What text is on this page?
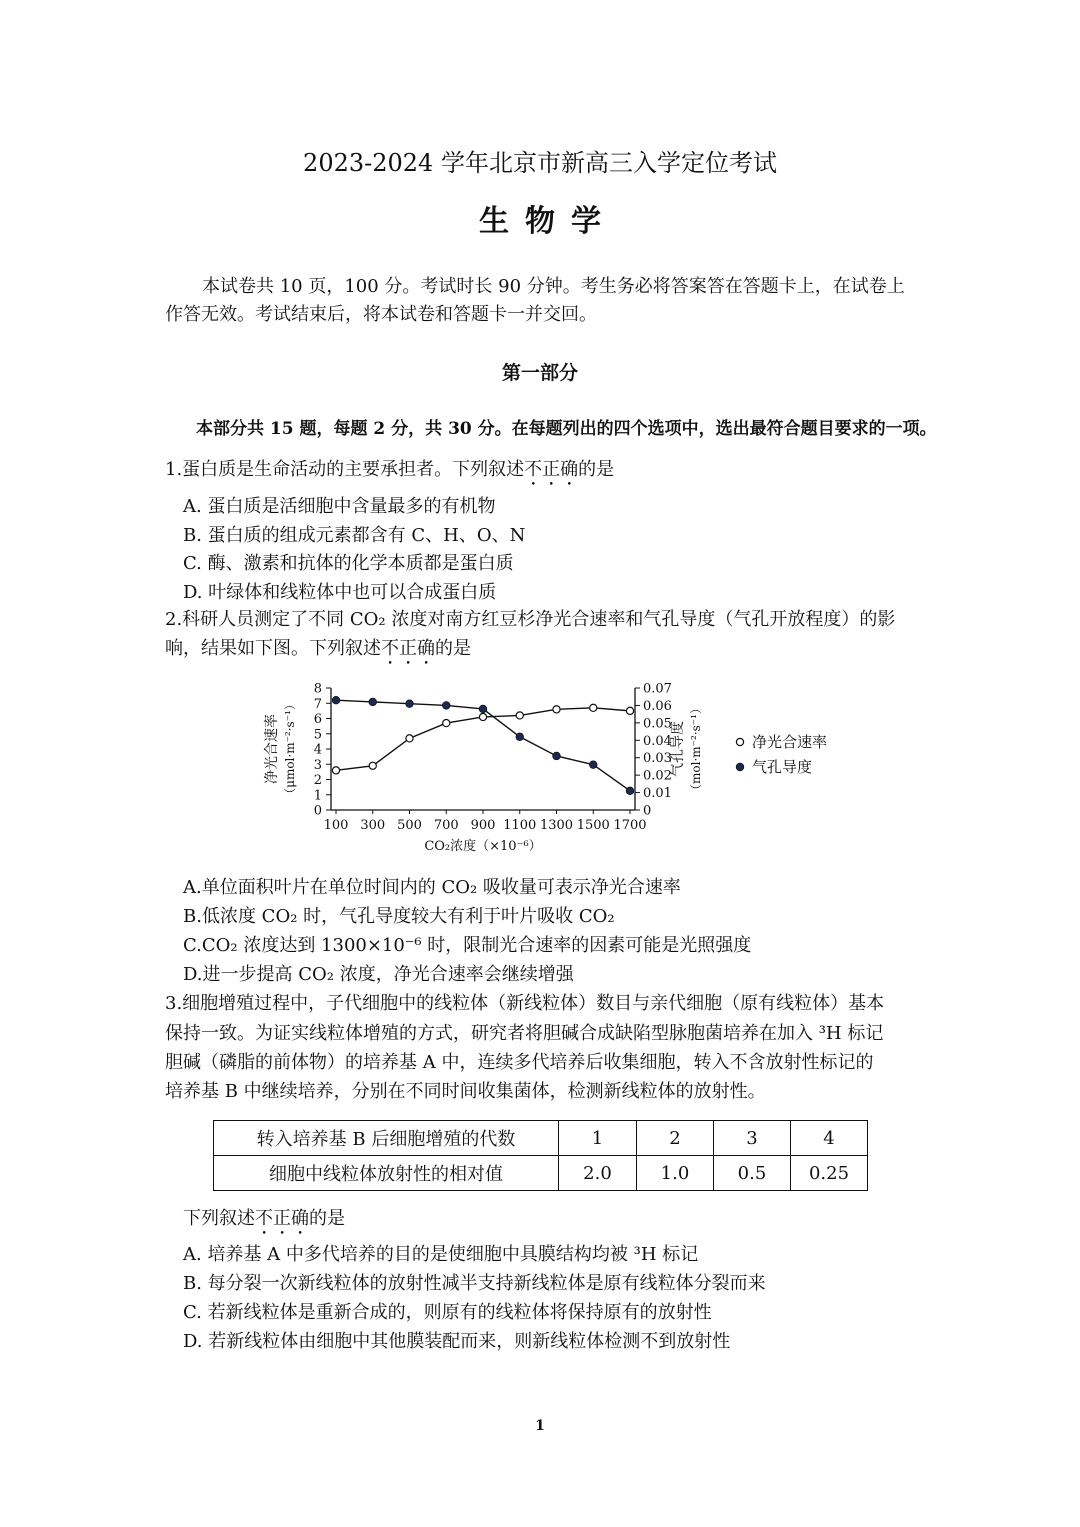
2023-2024 学年北京市新高三入学定位考试
生物学
本试卷共 10 页，100 分。考试时长 90 分钟。考生务必将答案答在答题卡上，在试卷上
作答无效。考试结束后，将本试卷和答题卡一并交回。
第一部分
本部分共 15 题，每题 2 分，共 30 分。在每题列出的四个选项中，选出最符合题目要求的一项。
1.蛋白质是生命活动的主要承担者。下列叙述不正确的是
A. 蛋白质是活细胞中含量最多的有机物
B. 蛋白质的组成元素都含有 C、H、O、N
C. 酶、激素和抗体的化学本质都是蛋白质
D. 叶绿体和线粒体中也可以合成蛋白质
2.科研人员测定了不同 CO₂ 浓度对南方红豆杉净光合速率和气孔导度（气孔开放程度）的影
响，结果如下图。下列叙述不正确的是
0
1
2
3
4
5
6
7
8
0
0.01
0.02
0.03
0.04
0.05
0.06
0.07
100 300 500 700 900 1100 1300 1500 1700
CO₂浓度（×10⁻⁶）
净光合速率 （μmol·m⁻²·s⁻¹）	气孔导度 （mol·m⁻²·s⁻¹）	净光合速率
气孔导度
A.单位面积叶片在单位时间内的 CO₂ 吸收量可表示净光合速率
B.低浓度 CO₂ 时，气孔导度较大有利于叶片吸收 CO₂
C.CO₂ 浓度达到 1300×10⁻⁶ 时，限制光合速率的因素可能是光照强度
D.进一步提高 CO₂ 浓度，净光合速率会继续增强
3.细胞增殖过程中，子代细胞中的线粒体（新线粒体）数目与亲代细胞（原有线粒体）基本
保持一致。为证实线粒体增殖的方式，研究者将胆碱合成缺陷型脉胞菌培养在加入 ³H 标记
胆碱（磷脂的前体物）的培养基 A 中，连续多代培养后收集细胞，转入不含放射性标记的
培养基 B 中继续培养，分别在不同时间收集菌体，检测新线粒体的放射性。
转入培养基 B 后细胞增殖的代数	1	2	3	4
细胞中线粒体放射性的相对值	2.0	1.0	0.5	0.25
下列叙述不正确的是
A. 培养基 A 中多代培养的目的是使细胞中具膜结构均被 ³H 标记
B. 每分裂一次新线粒体的放射性减半支持新线粒体是原有线粒体分裂而来
C. 若新线粒体是重新合成的，则原有的线粒体将保持原有的放射性
D. 若新线粒体由细胞中其他膜装配而来，则新线粒体检测不到放射性
1
